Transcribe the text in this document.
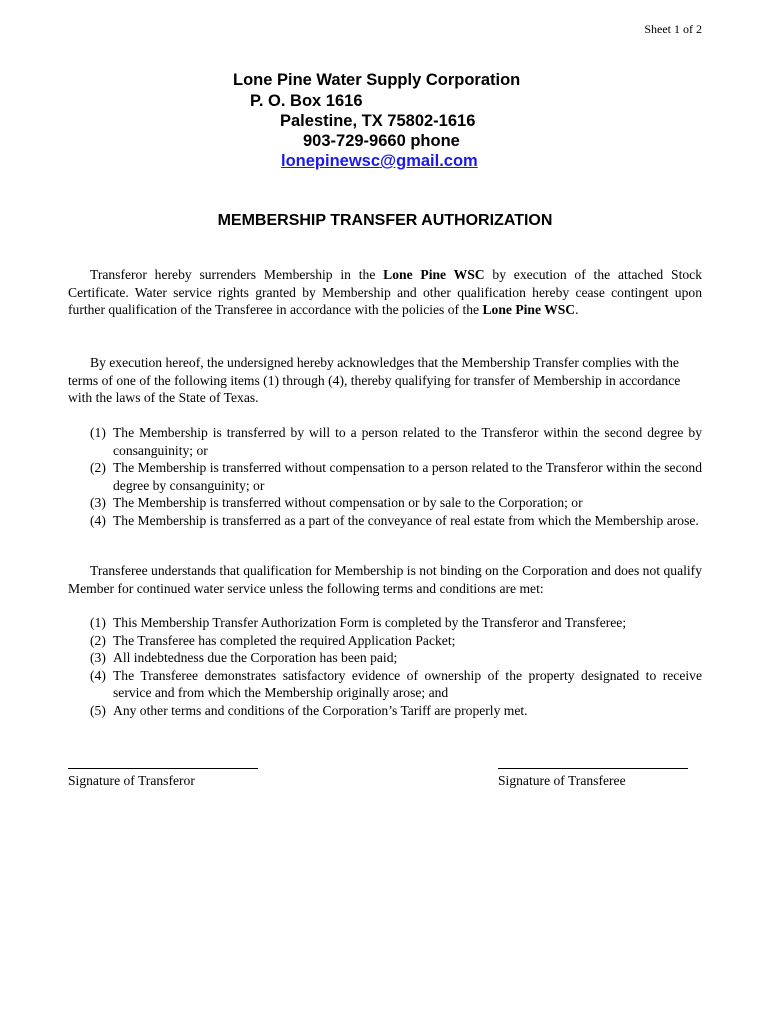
Sheet 1 of 2
Lone Pine Water Supply Corporation
P. O. Box 1616
Palestine, TX 75802-1616
903-729-9660 phone
lonepinewsc@gmail.com
MEMBERSHIP TRANSFER AUTHORIZATION

Transferor hereby surrenders Membership in the Lone Pine WSC by execution of the attached Stock Certificate. Water service rights granted by Membership and other qualification hereby cease contingent upon further qualification of the Transferee in accordance with the policies of the Lone Pine WSC.

By execution hereof, the undersigned hereby acknowledges that the Membership Transfer complies with the terms of one of the following items (1) through (4), thereby qualifying for transfer of Membership in accordance with the laws of the State of Texas.

(1) The Membership is transferred by will to a person related to the Transferor within the second degree by consanguinity; or
(2) The Membership is transferred without compensation to a person related to the Transferor within the second degree by consanguinity; or
(3) The Membership is transferred without compensation or by sale to the Corporation; or
(4) The Membership is transferred as a part of the conveyance of real estate from which the Membership arose.

Transferee understands that qualification for Membership is not binding on the Corporation and does not qualify Member for continued water service unless the following terms and conditions are met:

(1) This Membership Transfer Authorization Form is completed by the Transferor and Transferee;
(2) The Transferee has completed the required Application Packet;
(3) All indebtedness due the Corporation has been paid;
(4) The Transferee demonstrates satisfactory evidence of ownership of the property designated to receive service and from which the Membership originally arose; and
(5) Any other terms and conditions of the Corporation’s Tariff are properly met.
Signature of Transferor	Signature of Transferee
